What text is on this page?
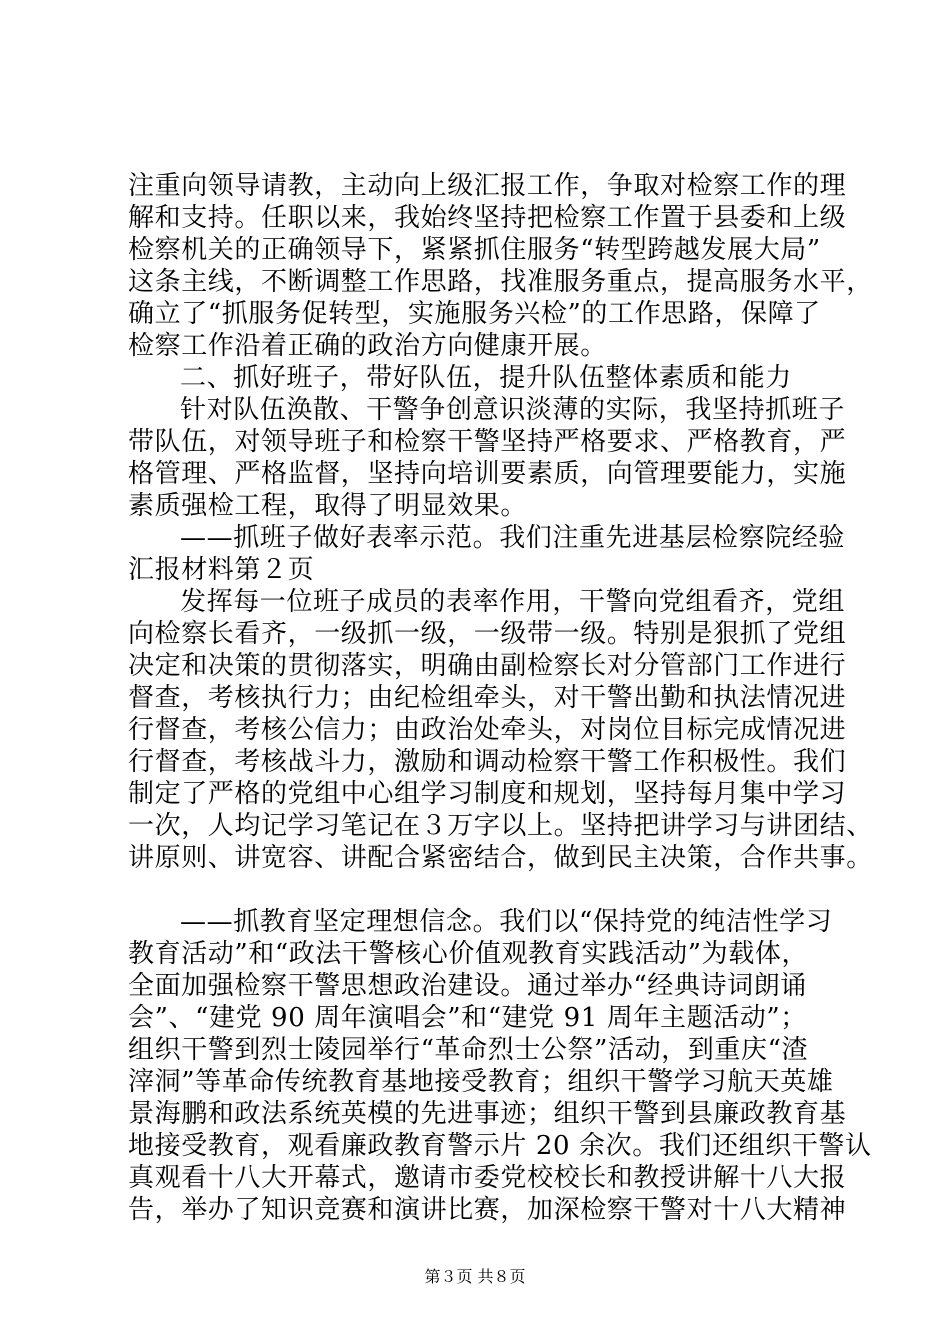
注重向领导请教，主动向上级汇报工作，争取对检察工作的理
解和支持。任职以来，我始终坚持把检察工作置于县委和上级
检察机关的正确领导下，紧紧抓住服务“转型跨越发展大局”
这条主线，不断调整工作思路，找准服务重点，提高服务水平，
确立了“抓服务促转型，实施服务兴检”的工作思路，保障了
检察工作沿着正确的政治方向健康开展。
二、抓好班子，带好队伍，提升队伍整体素质和能力
针对队伍涣散、干警争创意识淡薄的实际，我坚持抓班子
带队伍，对领导班子和检察干警坚持严格要求、严格教育，严
格管理、严格监督，坚持向培训要素质，向管理要能力，实施
素质强检工程，取得了明显效果。
——抓班子做好表率示范。我们注重先进基层检察院经验
汇报材料第２页
发挥每一位班子成员的表率作用，干警向党组看齐，党组
向检察长看齐，一级抓一级，一级带一级。特别是狠抓了党组
决定和决策的贯彻落实，明确由副检察长对分管部门工作进行
督查，考核执行力；由纪检组牵头，对干警出勤和执法情况进
行督查，考核公信力；由政治处牵头，对岗位目标完成情况进
行督查，考核战斗力，激励和调动检察干警工作积极性。我们
制定了严格的党组中心组学习制度和规划，坚持每月集中学习
一次，人均记学习笔记在３万字以上。坚持把讲学习与讲团结、
讲原则、讲宽容、讲配合紧密结合，做到民主决策，合作共事。
——抓教育坚定理想信念。我们以“保持党的纯洁性学习
教育活动”和“政法干警核心价值观教育实践活动”为载体，
全面加强检察干警思想政治建设。通过举办“经典诗词朗诵
会”、“建党 90 周年演唱会”和“建党 91 周年主题活动”；
组织干警到烈士陵园举行“革命烈士公祭”活动，到重庆“渣
滓洞”等革命传统教育基地接受教育；组织干警学习航天英雄
景海鹏和政法系统英模的先进事迹；组织干警到县廉政教育基
地接受教育，观看廉政教育警示片 20 余次。我们还组织干警认
真观看十八大开幕式，邀请市委党校校长和教授讲解十八大报
告，举办了知识竞赛和演讲比赛，加深检察干警对十八大精神
第３页 共８页
